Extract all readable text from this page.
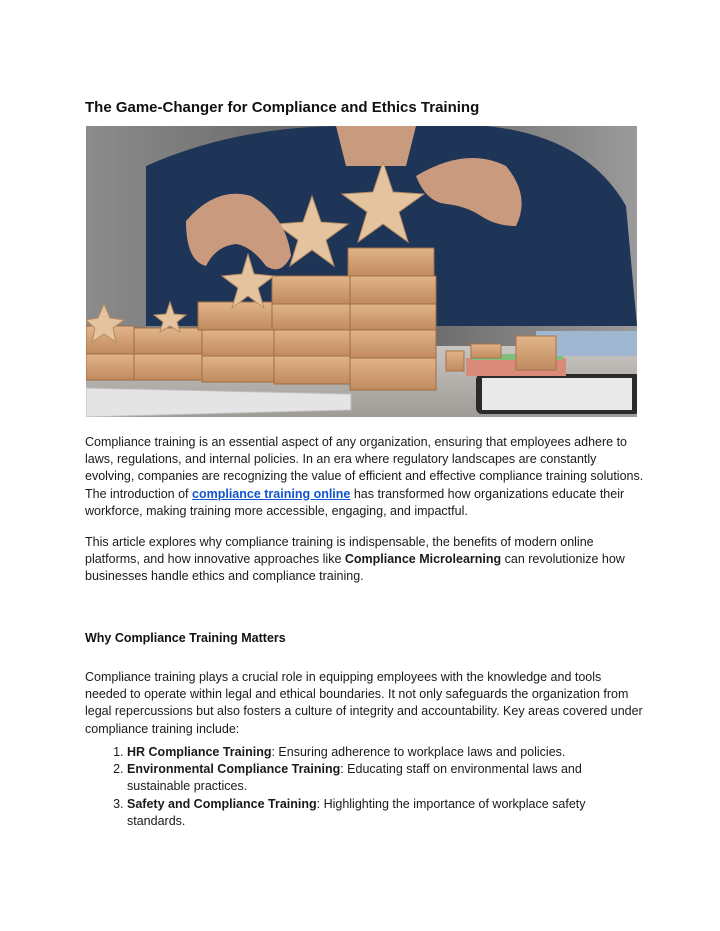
The Game-Changer for Compliance and Ethics Training

Compliance training is an essential aspect of any organization, ensuring that employees adhere to laws, regulations, and internal policies. In an era where regulatory landscapes are constantly evolving, companies are recognizing the value of efficient and effective compliance training solutions. The introduction of compliance training online has transformed how organizations educate their workforce, making training more accessible, engaging, and impactful.

This article explores why compliance training is indispensable, the benefits of modern online platforms, and how innovative approaches like Compliance Microlearning can revolutionize how businesses handle ethics and compliance training.

Why Compliance Training Matters

Compliance training plays a crucial role in equipping employees with the knowledge and tools needed to operate within legal and ethical boundaries. It not only safeguards the organization from legal repercussions but also fosters a culture of integrity and accountability. Key areas covered under compliance training include:

1. HR Compliance Training: Ensuring adherence to workplace laws and policies.
2. Environmental Compliance Training: Educating staff on environmental laws and sustainable practices.
3. Safety and Compliance Training: Highlighting the importance of workplace safety standards.
